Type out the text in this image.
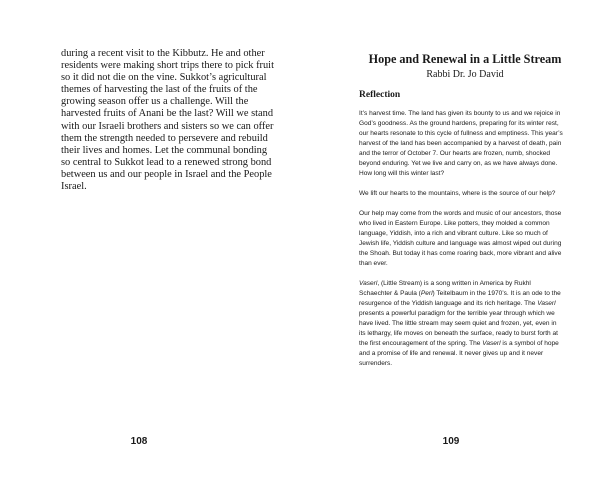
during a recent visit to the Kibbutz. He and other residents were making short trips there to pick fruit so it did not die on the vine. Sukkot’s agricultural themes of harvesting the last of the fruits of the growing season offer us a challenge. Will the harvested fruits of Anani be the last? Will we stand with our Israeli brothers and sisters so we can offer them the strength needed to persevere and rebuild their lives and homes. Let the communal bonding so central to Sukkot lead to a renewed strong bond between us and our people in Israel and the People Israel.

108
Hope and Renewal in a Little Stream
Rabbi Dr. Jo David
Reflection

It’s harvest time. The land has given its bounty to us and we rejoice in God’s goodness. As the ground hardens, preparing for its winter rest, our hearts resonate to this cycle of fullness and emptiness. This year’s harvest of the land has been accompanied by a harvest of death, pain and the terror of October 7. Our hearts are frozen, numb, shocked beyond enduring. Yet we live and carry on, as we have always done. How long will this winter last?

We lift our hearts to the mountains, where is the source of our help?

Our help may come from the words and music of our ancestors, those who lived in Eastern Europe. Like potters, they molded a common language, Yiddish, into a rich and vibrant culture. Like so much of Jewish life, Yiddish culture and language was almost wiped out during the Shoah. But today it has come roaring back, more vibrant and alive than ever.

Vaserl, (Little Stream) is a song written in America by Rukhl Schaechter & Paula (Perl) Teitelbaum in the 1970’s. It is an ode to the resurgence of the Yiddish language and its rich heritage. The Vaserl presents a powerful paradigm for the terrible year through which we have lived. The little stream may seem quiet and frozen, yet, even in its lethargy, life moves on beneath the surface, ready to burst forth at the first encouragement of the spring. The Vaserl is a symbol of hope and a promise of life and renewal. It never gives up and it never surrenders.

109
